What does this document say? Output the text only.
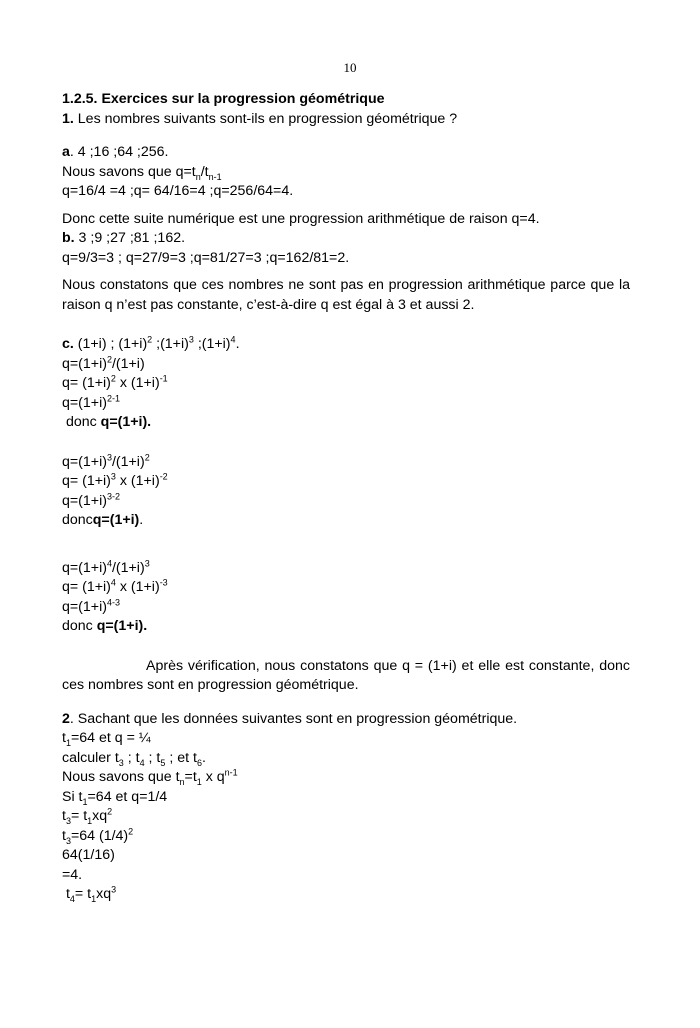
10
1.2.5. Exercices sur la progression géométrique
1. Les nombres suivants sont-ils en progression géométrique ?
a. 4 ;16 ;64 ;256.
Nous savons que $q=t_n/t_{n-1}$
q=16/4 =4 ;q= 64/16=4 ;q=256/64=4.
Donc cette suite numérique est une progression arithmétique de raison q=4.
b. 3 ;9 ;27 ;81 ;162.
q=9/3=3 ; q=27/9=3 ;q=81/27=3 ;q=162/81=2.
Nous constatons que ces nombres ne sont pas en progression arithmétique parce que la raison q n’est pas constante, c’est-à-dire q est égal à 3 et aussi 2.
c. (1+i) ; $(1+i)^2$ $;(1+i)^3$ $;(1+i)^4$.
$q=(1+i)^2/(1+i)$
$q= (1+i)^2$ x $(1+i)^{-1}$
$q=(1+i)^{2-1}$
donc q=(1+i).
$q=(1+i)^3/(1+i)^2$
$q= (1+i)^3$ x $(1+i)^{-2}$
$q=(1+i)^{3-2}$
doncq=(1+i).
$q=(1+i)^4/(1+i)^3$
$q= (1+i)^4$ x $(1+i)^{-3}$
$q=(1+i)^{4-3}$
donc q=(1+i).
Après vérification, nous constatons que q = (1+i) et elle est constante, donc ces nombres sont en progression géométrique.
2. Sachant que les données suivantes sont en progression géométrique.
$t_1=64$ et q = ¼
calculer $t_3$ ; $t_4$ ; $t_5$ ; et $t_6$.
Nous savons que $t_n=t_1$ x $q^{n-1}$
Si $t_1=64$ et q=1/4
$t_3= t_1xq^2$
$t_3=64$ $(1/4)^2$
64(1/16)
=4.
$t_4= t_1xq^3$
